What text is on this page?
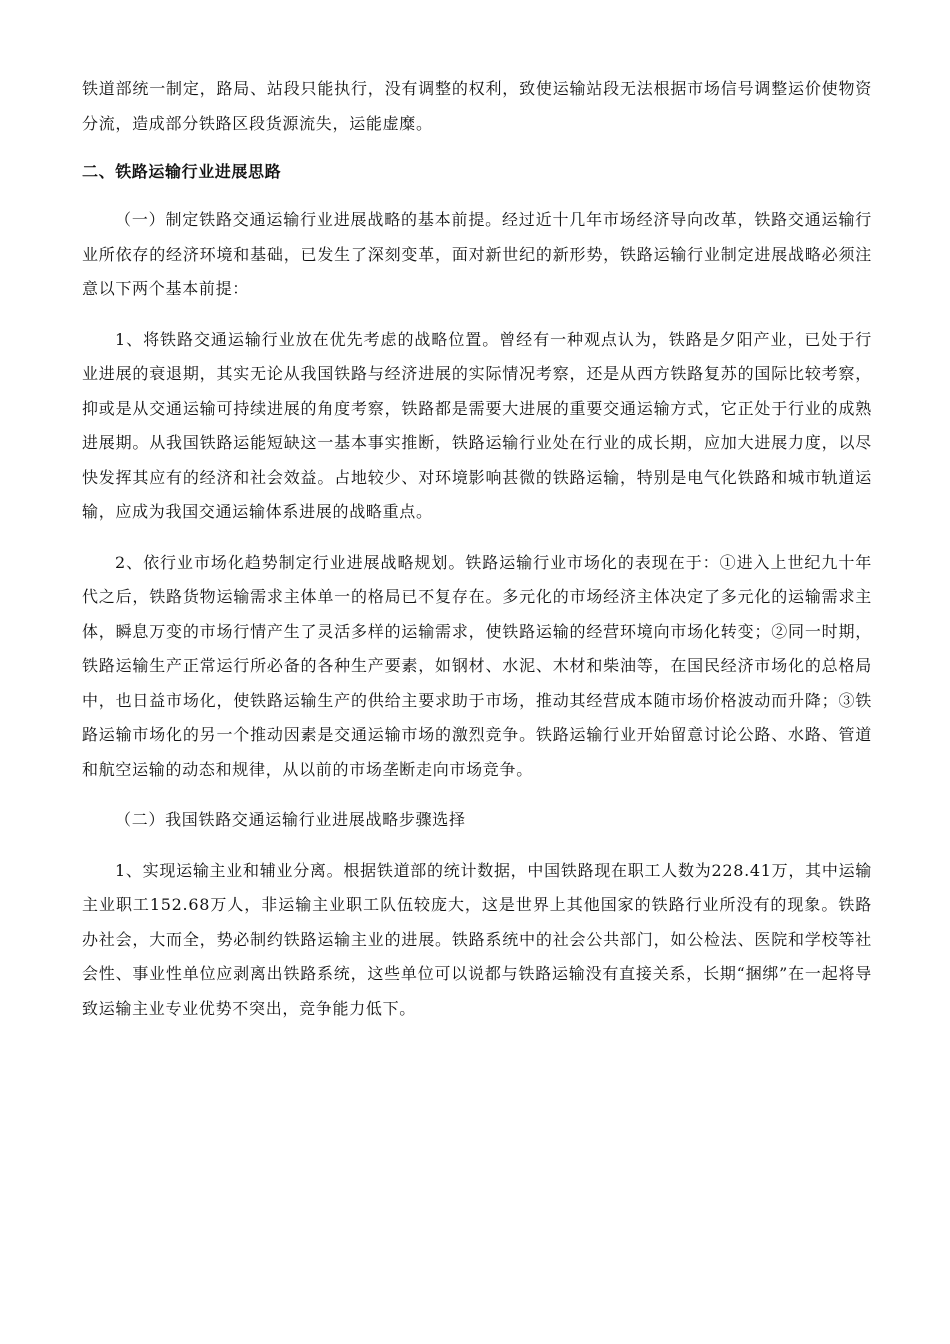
铁道部统一制定，路局、站段只能执行，没有调整的权利，致使运输站段无法根据市场信号调整运价使物资分流，造成部分铁路区段货源流失，运能虚糜。

二、铁路运输行业进展思路

（一）制定铁路交通运输行业进展战略的基本前提。经过近十几年市场经济导向改革，铁路交通运输行业所依存的经济环境和基础，已发生了深刻变革，面对新世纪的新形势，铁路运输行业制定进展战略必须注意以下两个基本前提：

1、将铁路交通运输行业放在优先考虑的战略位置。曾经有一种观点认为，铁路是夕阳产业，已处于行业进展的衰退期，其实无论从我国铁路与经济进展的实际情况考察，还是从西方铁路复苏的国际比较考察，抑或是从交通运输可持续进展的角度考察，铁路都是需要大进展的重要交通运输方式，它正处于行业的成熟进展期。从我国铁路运能短缺这一基本事实推断，铁路运输行业处在行业的成长期，应加大进展力度，以尽快发挥其应有的经济和社会效益。占地较少、对环境影响甚微的铁路运输，特别是电气化铁路和城市轨道运输，应成为我国交通运输体系进展的战略重点。

2、依行业市场化趋势制定行业进展战略规划。铁路运输行业市场化的表现在于：①进入上世纪九十年代之后，铁路货物运输需求主体单一的格局已不复存在。多元化的市场经济主体决定了多元化的运输需求主体，瞬息万变的市场行情产生了灵活多样的运输需求，使铁路运输的经营环境向市场化转变；②同一时期，铁路运输生产正常运行所必备的各种生产要素，如钢材、水泥、木材和柴油等，在国民经济市场化的总格局中，也日益市场化，使铁路运输生产的供给主要求助于市场，推动其经营成本随市场价格波动而升降；③铁路运输市场化的另一个推动因素是交通运输市场的激烈竞争。铁路运输行业开始留意讨论公路、水路、管道和航空运输的动态和规律，从以前的市场垄断走向市场竞争。

（二）我国铁路交通运输行业进展战略步骤选择

1、实现运输主业和辅业分离。根据铁道部的统计数据，中国铁路现在职工人数为228.41万，其中运输主业职工152.68万人，非运输主业职工队伍较庞大，这是世界上其他国家的铁路行业所没有的现象。铁路办社会，大而全，势必制约铁路运输主业的进展。铁路系统中的社会公共部门，如公检法、医院和学校等社会性、事业性单位应剥离出铁路系统，这些单位可以说都与铁路运输没有直接关系，长期“捆绑”在一起将导致运输主业专业优势不突出，竞争能力低下。
